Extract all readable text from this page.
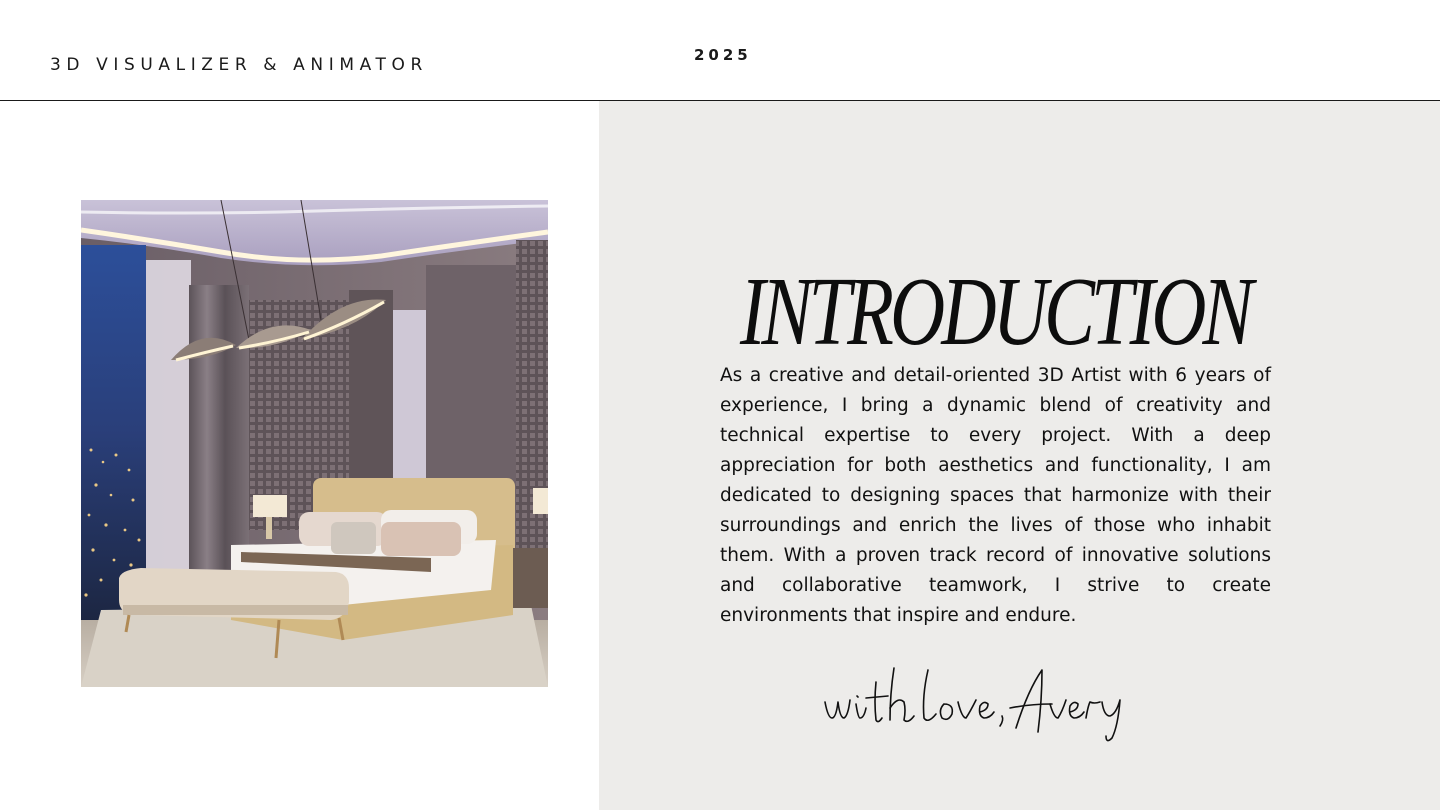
3D VISUALIZER & ANIMATOR	2025
INTRODUCTION
As a creative and detail-oriented 3D Artist with 6 years of experience, I bring a dynamic blend of creativity and technical expertise to every project. With a deep appreciation for both aesthetics and functionality, I am dedicated to designing spaces that harmonize with their surroundings and enrich the lives of those who inhabit them. With a proven track record of innovative solutions and collaborative teamwork, I strive to create environments that inspire and endure.
